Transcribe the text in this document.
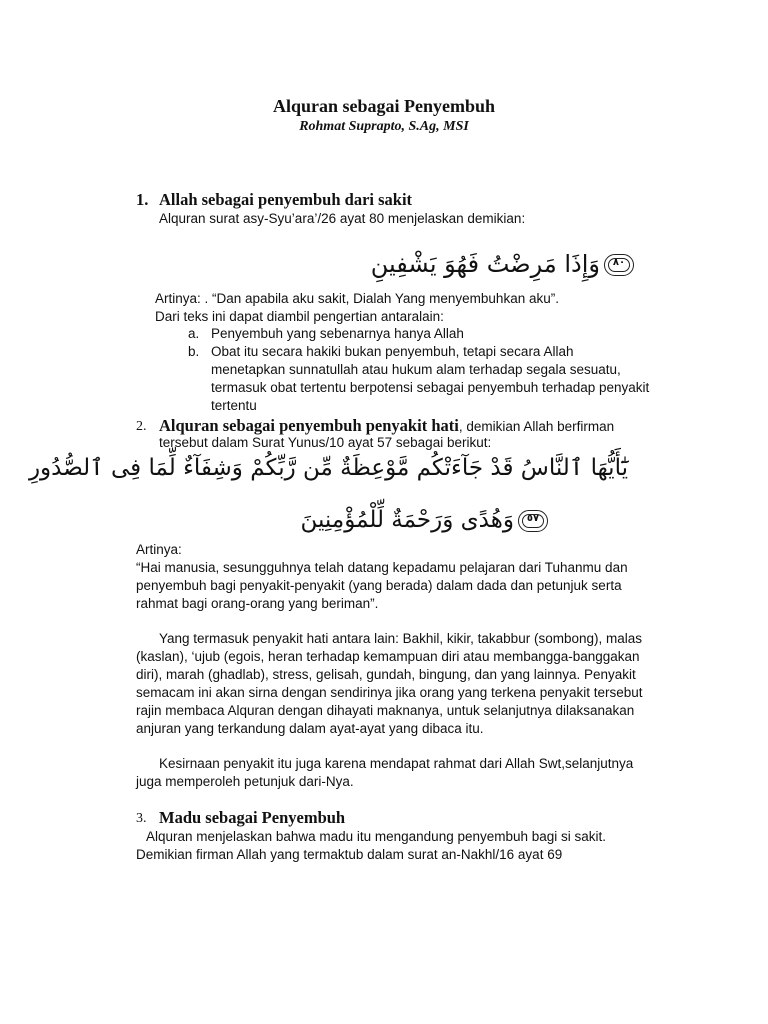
Alquran sebagai Penyembuh
Rohmat Suprapto, S.Ag, MSI
1. Allah sebagai penyembuh dari sakit
Alquran surat asy-Syu’ara’/26 ayat 80 menjelaskan demikian:
٨٠
وَإِذَا مَرِضْتُ فَهُوَ يَشْفِينِ
Artinya: . “Dan apabila aku sakit, Dialah Yang menyembuhkan aku”.
Dari teks ini dapat diambil pengertian antaralain:
a. Penyembuh yang sebenarnya hanya Allah
b. Obat itu secara hakiki bukan penyembuh, tetapi secara Allah
menetapkan sunnatullah atau hukum alam terhadap segala sesuatu,
termasuk obat tertentu berpotensi sebagai penyembuh terhadap penyakit
tertentu
2. Alquran sebagai penyembuh penyakit hati, demikian Allah berfirman
tersebut dalam Surat Yunus/10 ayat 57 sebagai berikut:
يَٰٓأَيُّهَا ٱلنَّاسُ قَدْ جَآءَتْكُم مَّوْعِظَةٌ مِّن رَّبِّكُمْ وَشِفَآءٌ لِّمَا فِى ٱلصُّدُورِ
٥٧
وَهُدًى وَرَحْمَةٌ لِّلْمُؤْمِنِينَ
Artinya:
“Hai manusia, sesungguhnya telah datang kepadamu pelajaran dari Tuhanmu dan
penyembuh bagi penyakit-penyakit (yang berada) dalam dada dan petunjuk serta
rahmat bagi orang-orang yang beriman”.
Yang termasuk penyakit hati antara lain: Bakhil, kikir, takabbur (sombong), malas
(kaslan), ‘ujub (egois, heran terhadap kemampuan diri atau membangga-banggakan
diri), marah (ghadlab), stress, gelisah, gundah, bingung, dan yang lainnya. Penyakit
semacam ini akan sirna dengan sendirinya jika orang yang terkena penyakit tersebut
rajin membaca Alquran dengan dihayati maknanya, untuk selanjutnya dilaksanakan
anjuran yang terkandung dalam ayat-ayat yang dibaca itu.
Kesirnaan penyakit itu juga karena mendapat rahmat dari Allah Swt,selanjutnya
juga memperoleh petunjuk dari-Nya.
3. Madu sebagai Penyembuh
Alquran menjelaskan bahwa madu itu mengandung penyembuh bagi si sakit.
Demikian firman Allah yang termaktub dalam surat an-Nakhl/16 ayat 69
